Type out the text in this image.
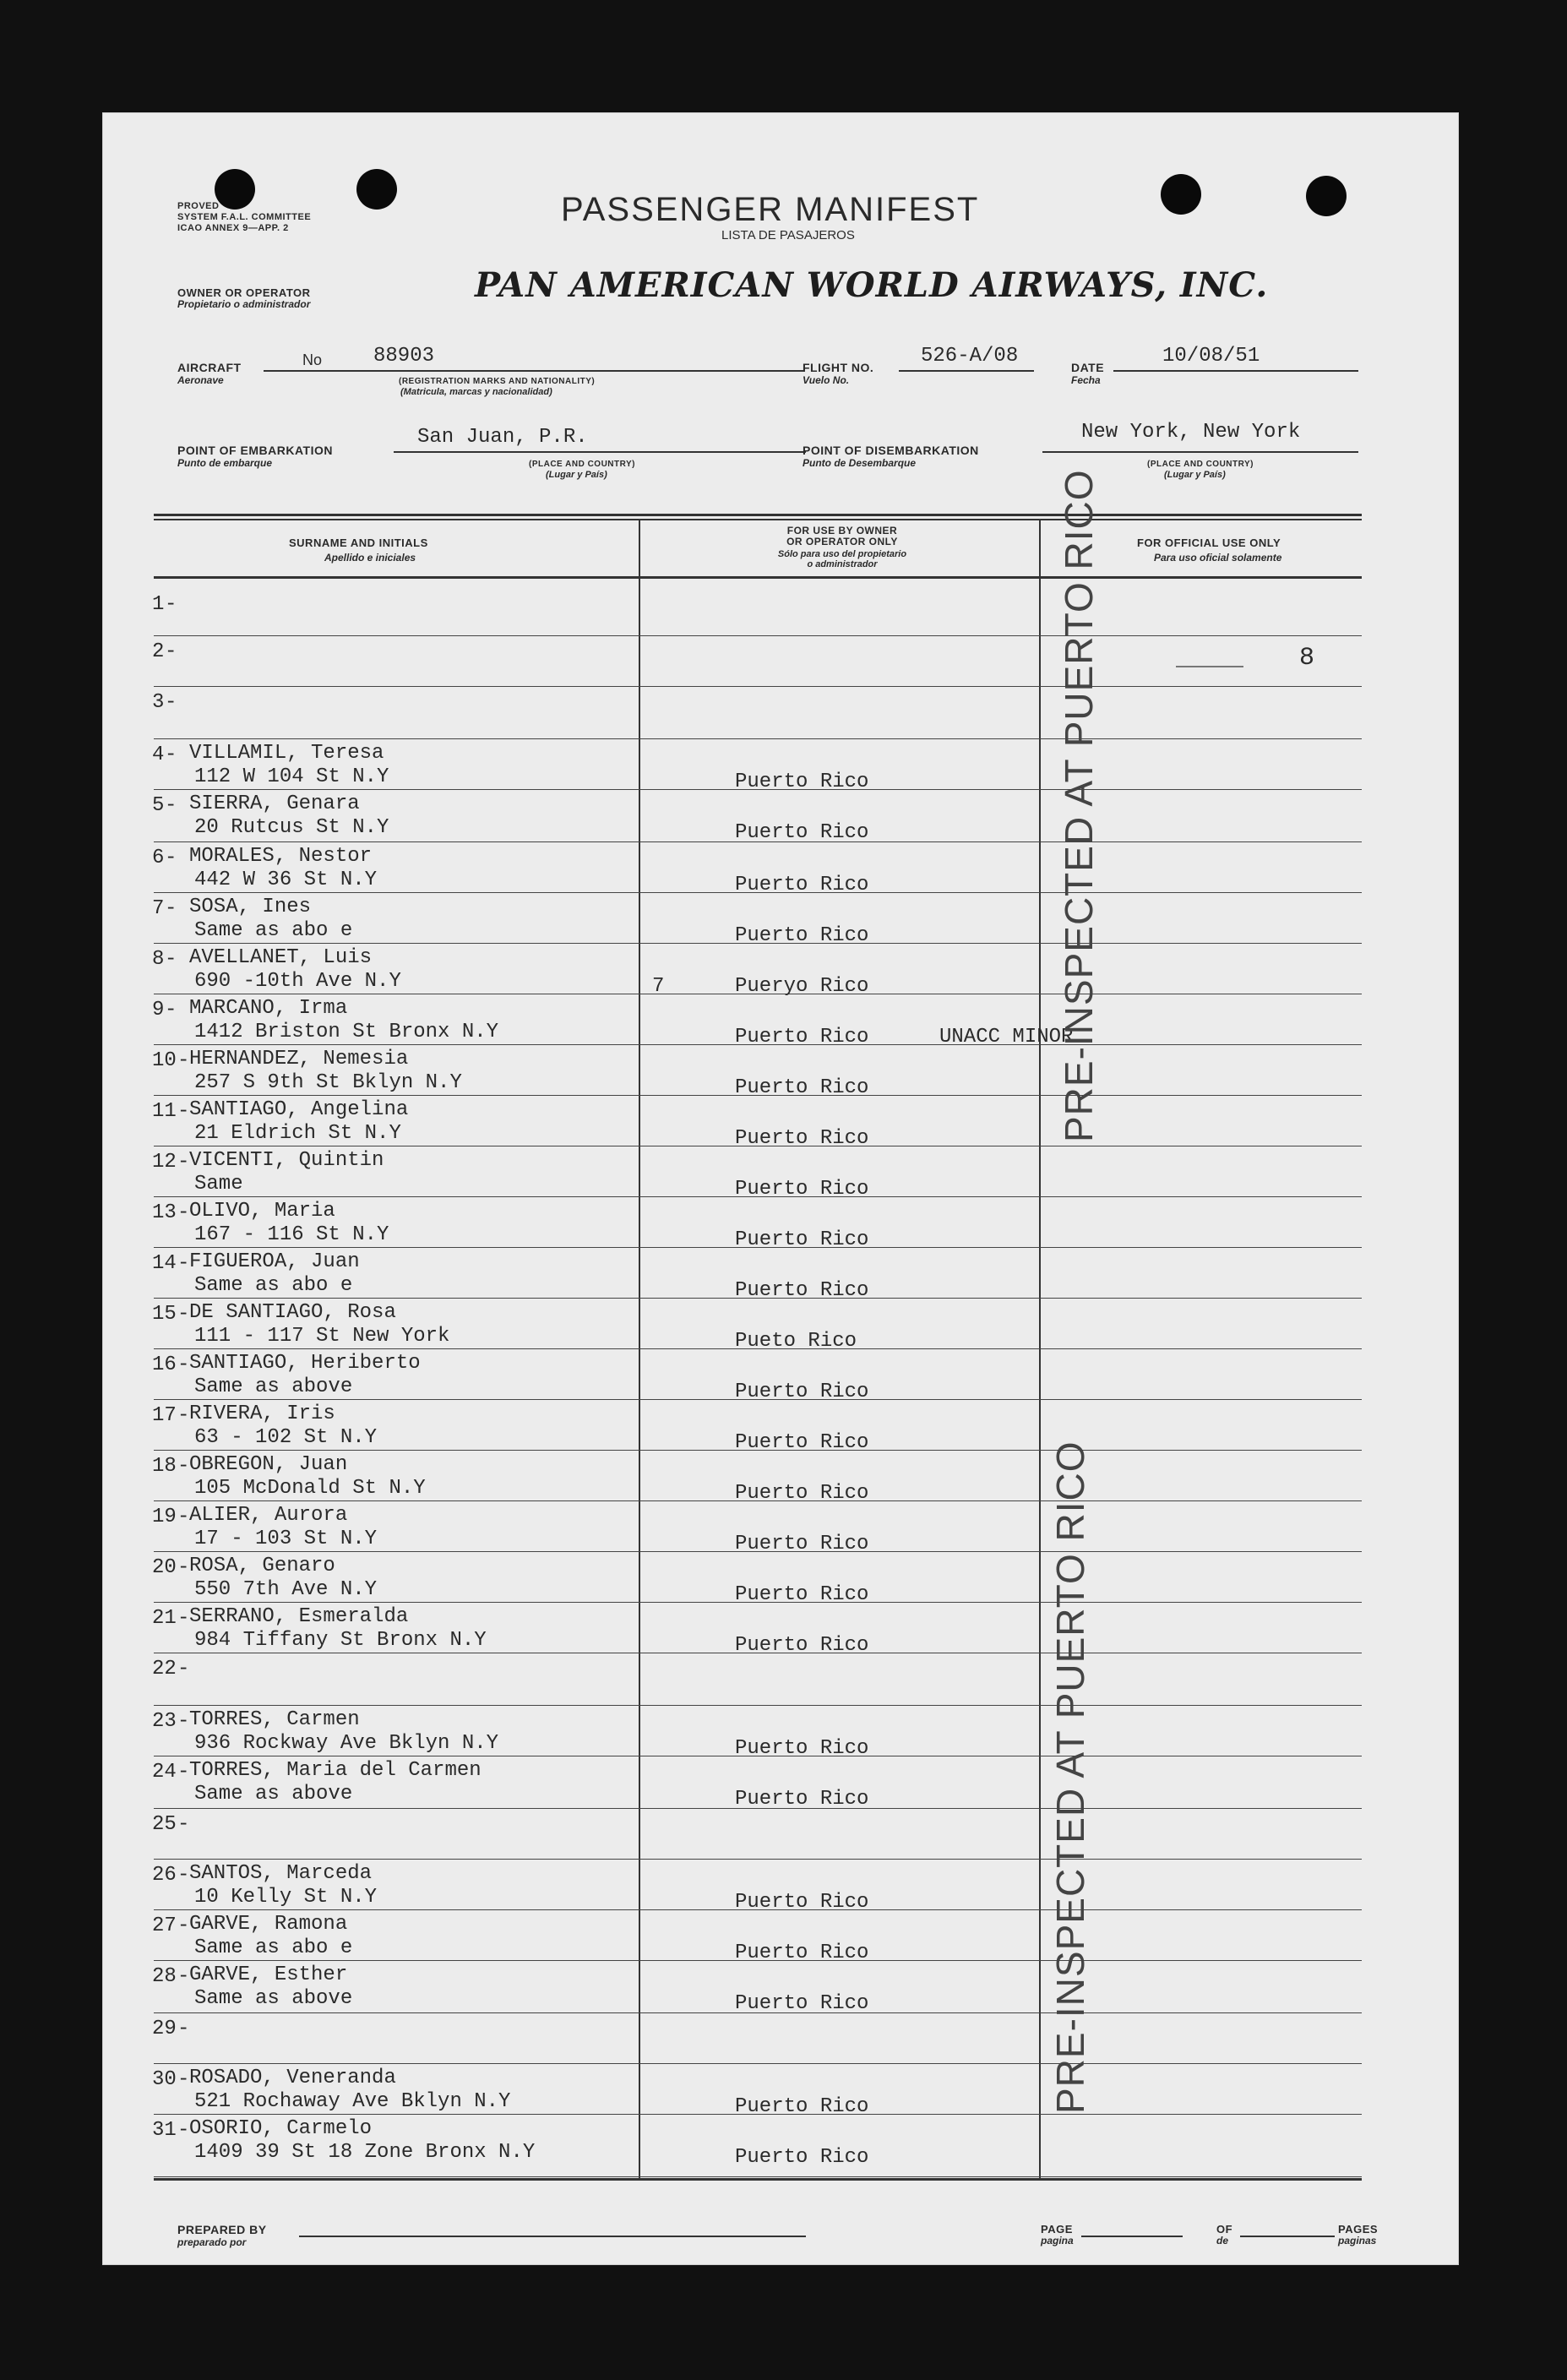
PROVED
SYSTEM F.A.L. COMMITTEE
ICAO ANNEX 9—APP. 2	PASSENGER MANIFEST
LISTA DE PASAJEROS
OWNER OR OPERATOR
Propietario o administrador	PAN AMERICAN WORLD AIRWAYS, INC.
AIRCRAFT
Aeronave
No	88903
(REGISTRATION MARKS AND NATIONALITY)
(Matricula, marcas y nacionalidad)
FLIGHT NO.
Vuelo No.
526-A/08	DATE
Fecha
10/08/51
POINT OF EMBARKATION
Punto de embarque
San Juan, P.R.
(PLACE AND COUNTRY)
(Lugar y País)
POINT OF DISEMBARKATION
Punto de Desembarque
New York, New York
(PLACE AND COUNTRY)
(Lugar y País)
SURNAME AND INITIALS
Apellido e iniciales
FOR USE BY OWNER
OR OPERATOR ONLY
Sólo para uso del propietario
o administrador
FOR OFFICIAL USE ONLY
Para uso oficial solamente
1 -
2 -
3 -
4 - VILLAMIL, Teresa
112 W 104 St N.Y	Puerto Rico
5 - SIERRA, Genara
20 Rutcus St N.Y	Puerto Rico
6 - MORALES, Nestor
442 W 36 St N.Y	Puerto Rico
7 - SOSA, Ines
Same as abo e	Puerto Rico
8 - AVELLANET, Luis
690 -10th Ave N.Y	Pueryo Rico
7
9 - MARCANO, Irma
1412 Briston St Bronx N.Y	Puerto Rico	UNACC MINOR
10 - HERNANDEZ, Nemesia
257 S 9th St Bklyn N.Y	Puerto Rico
11 - SANTIAGO, Angelina
21 Eldrich St N.Y	Puerto Rico
12 - VICENTI, Quintin
Same	Puerto Rico
13 - OLIVO, Maria
167 - 116 St N.Y	Puerto Rico
14 - FIGUEROA, Juan
Same as abo e	Puerto Rico
15 - DE SANTIAGO, Rosa
111 - 117 St New York	Pueto Rico
16 - SANTIAGO, Heriberto
Same as above	Puerto Rico
17 - RIVERA, Iris
63 - 102 St N.Y	Puerto Rico
18 - OBREGON, Juan
105 McDonald St N.Y	Puerto Rico
19 - ALIER, Aurora
17 - 103 St N.Y	Puerto Rico
20 - ROSA, Genaro
550 7th Ave N.Y	Puerto Rico
21 - SERRANO, Esmeralda
984 Tiffany St Bronx N.Y	Puerto Rico
22 -
23 - TORRES, Carmen
936 Rockway Ave Bklyn N.Y	Puerto Rico
24 - TORRES, Maria del Carmen
Same as above	Puerto Rico
25 -
26 - SANTOS, Marceda
10 Kelly St N.Y	Puerto Rico
27 - GARVE, Ramona
Same as abo e	Puerto Rico
28 - GARVE, Esther
Same as above	Puerto Rico
29 -
30 - ROSADO, Veneranda
521 Rochaway Ave Bklyn N.Y	Puerto Rico
31 - OSORIO, Carmelo
1409 39 St 18 Zone Bronx N.Y	Puerto Rico
8
PRE-INSPECTED AT PUERTO RICO
PRE-INSPECTED AT PUERTO RICO
PREPARED BY
preparado por
PAGE
pagina
OF
de
PAGES
paginas
